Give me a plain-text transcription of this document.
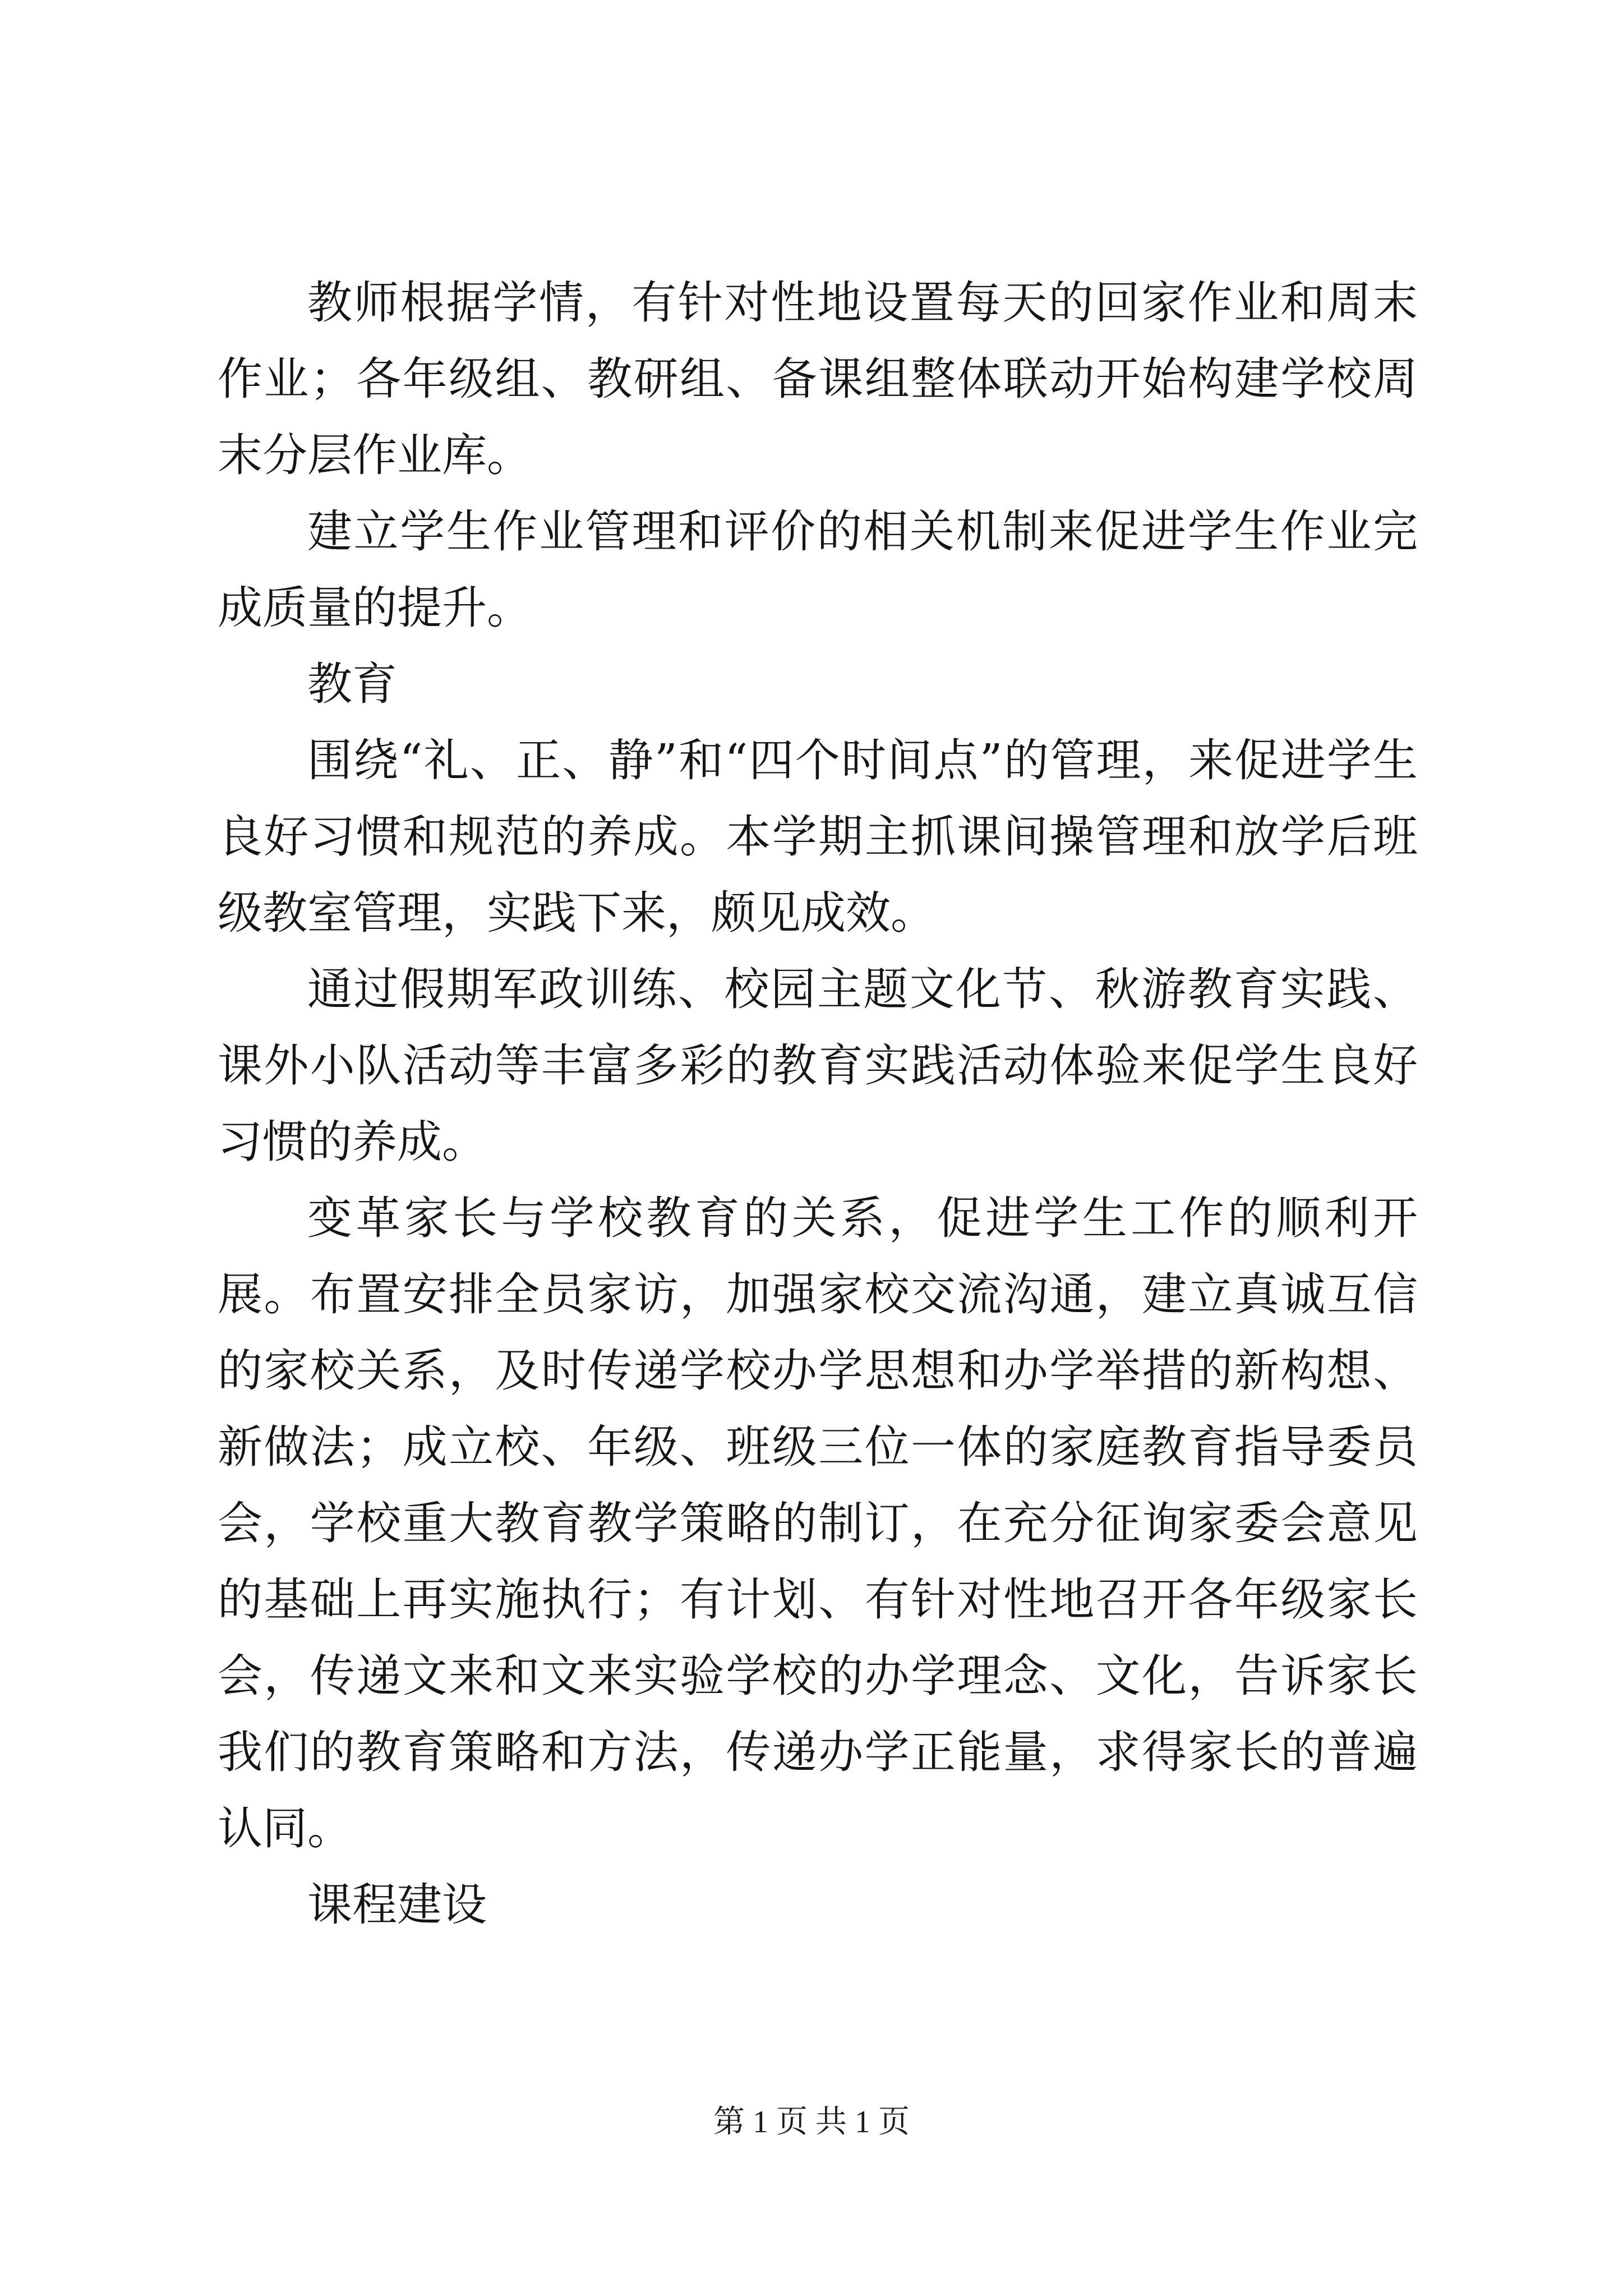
教师根据学情，有针对性地设置每天的回家作业和周末作业；各年级组、教研组、备课组整体联动开始构建学校周末分层作业库。

建立学生作业管理和评价的相关机制来促进学生作业完成质量的提升。

教育

围绕“礼、正、静”和“四个时间点”的管理，来促进学生良好习惯和规范的养成。本学期主抓课间操管理和放学后班级教室管理，实践下来，颇见成效。

通过假期军政训练、校园主题文化节、秋游教育实践、课外小队活动等丰富多彩的教育实践活动体验来促学生良好习惯的养成。

变革家长与学校教育的关系，促进学生工作的顺利开展。布置安排全员家访，加强家校交流沟通，建立真诚互信的家校关系，及时传递学校办学思想和办学举措的新构想、新做法；成立校、年级、班级三位一体的家庭教育指导委员会，学校重大教育教学策略的制订，在充分征询家委会意见的基础上再实施执行；有计划、有针对性地召开各年级家长会，传递文来和文来实验学校的办学理念、文化，告诉家长我们的教育策略和方法，传递办学正能量，求得家长的普遍认同。

课程建设

第 1 页 共 1 页
